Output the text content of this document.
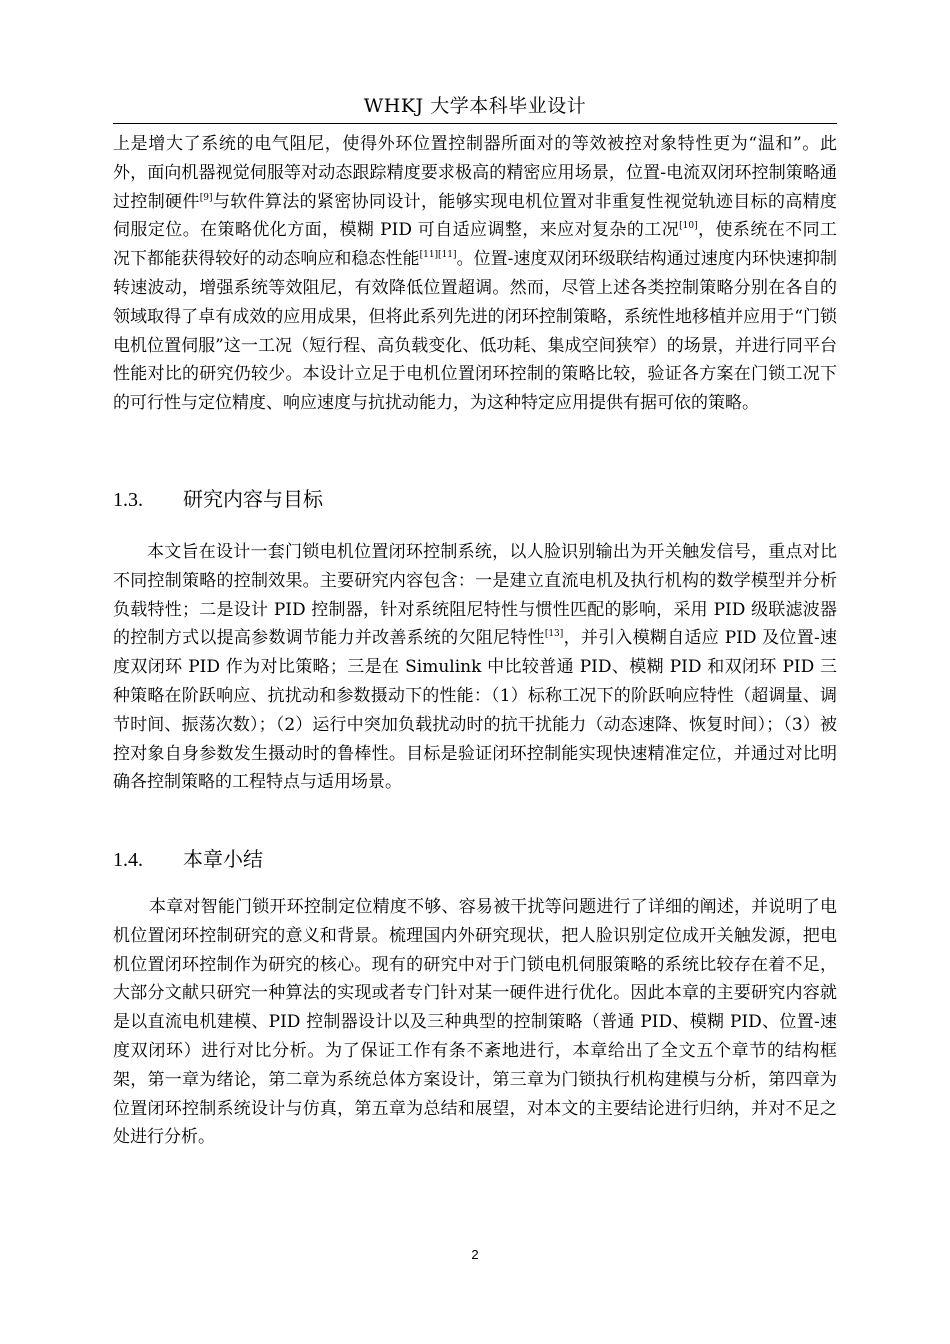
WHKJ 大学本科毕业设计

上是增大了系统的电气阻尼，使得外环位置控制器所面对的等效被控对象特性更为“温和”。此外，面向机器视觉伺服等对动态跟踪精度要求极高的精密应用场景，位置-电流双闭环控制策略通过控制硬件[9]与软件算法的紧密协同设计，能够实现电机位置对非重复性视觉轨迹目标的高精度伺服定位。在策略优化方面，模糊 PID 可自适应调整，来应对复杂的工况[10]，使系统在不同工况下都能获得较好的动态响应和稳态性能[11][11]。位置-速度双闭环级联结构通过速度内环快速抑制转速波动，增强系统等效阻尼，有效降低位置超调。然而，尽管上述各类控制策略分别在各自的领域取得了卓有成效的应用成果，但将此系列先进的闭环控制策略，系统性地移植并应用于“门锁电机位置伺服”这一工况（短行程、高负载变化、低功耗、集成空间狭窄）的场景，并进行同平台性能对比的研究仍较少。本设计立足于电机位置闭环控制的策略比较，验证各方案在门锁工况下的可行性与定位精度、响应速度与抗扰动能力，为这种特定应用提供有据可依的策略。

1.3. 研究内容与目标

本文旨在设计一套门锁电机位置闭环控制系统，以人脸识别输出为开关触发信号，重点对比不同控制策略的控制效果。主要研究内容包含：一是建立直流电机及执行机构的数学模型并分析负载特性；二是设计 PID 控制器，针对系统阻尼特性与惯性匹配的影响，采用 PID 级联滤波器的控制方式以提高参数调节能力并改善系统的欠阻尼特性[13]，并引入模糊自适应 PID 及位置-速度双闭环 PID 作为对比策略；三是在 Simulink 中比较普通 PID、模糊 PID 和双闭环 PID 三种策略在阶跃响应、抗扰动和参数摄动下的性能：（1）标称工况下的阶跃响应特性（超调量、调节时间、振荡次数）；（2）运行中突加负载扰动时的抗干扰能力（动态速降、恢复时间）；（3）被控对象自身参数发生摄动时的鲁棒性。目标是验证闭环控制能实现快速精准定位，并通过对比明确各控制策略的工程特点与适用场景。

1.4. 本章小结

本章对智能门锁开环控制定位精度不够、容易被干扰等问题进行了详细的阐述，并说明了电机位置闭环控制研究的意义和背景。梳理国内外研究现状，把人脸识别定位成开关触发源，把电机位置闭环控制作为研究的核心。现有的研究中对于门锁电机伺服策略的系统比较存在着不足，大部分文献只研究一种算法的实现或者专门针对某一硬件进行优化。因此本章的主要研究内容就是以直流电机建模、PID 控制器设计以及三种典型的控制策略（普通 PID、模糊 PID、位置-速度双闭环）进行对比分析。为了保证工作有条不紊地进行，本章给出了全文五个章节的结构框架，第一章为绪论，第二章为系统总体方案设计，第三章为门锁执行机构建模与分析，第四章为位置闭环控制系统设计与仿真，第五章为总结和展望，对本文的主要结论进行归纳，并对不足之处进行分析。

2
